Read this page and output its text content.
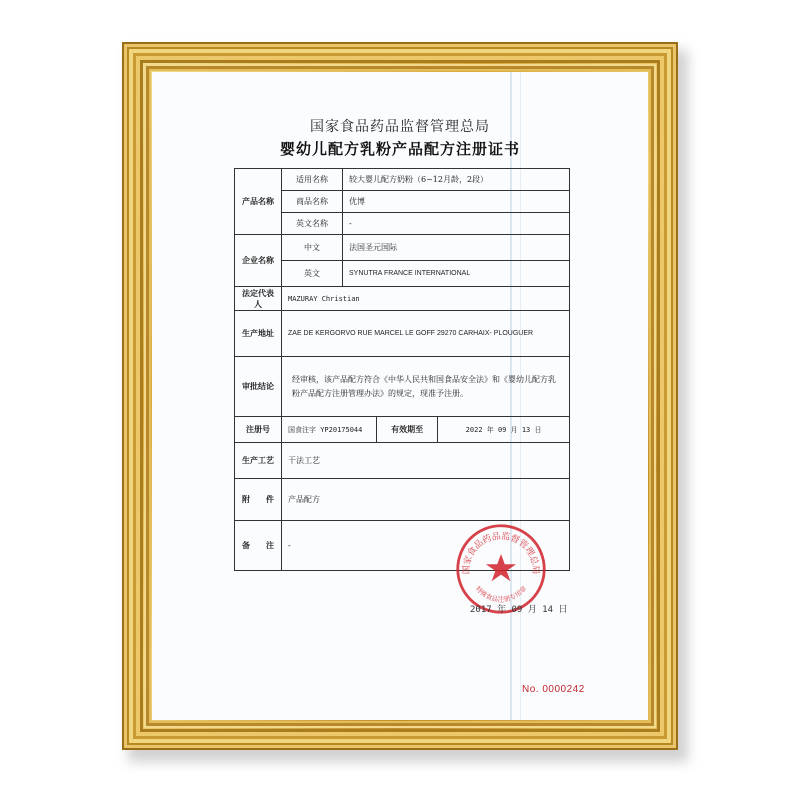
国家食品药品监督管理总局
婴幼儿配方乳粉产品配方注册证书
产品名称	适用名称	较大婴儿配方奶粉（6~12月龄，2段）		
	商品名称	优博		
	英文名称	-		
企业名称	中文	法国圣元国际		
	英文	SYNUTRA FRANCE INTERNATIONAL		
法定代表人	MAZURAY Christian			
生产地址	ZAE DE KERGORVO RUE MARCEL LE GOFF 29270 CARHAIX- PLOUGUER			
审批结论	经审核，该产品配方符合《中华人民共和国食品安全法》和《婴幼儿配方乳粉产品配方注册管理办法》的规定，现准予注册。			
注册号	国食注字 YP20175044		有效期至	2022 年 09 月 13 日
生产工艺	干法工艺			
附　　件	产品配方			
备　　注	-			
国家食品药品监督管理总局
特殊食品注册专用章
2017 年 09 月 14 日
No. 0000242
